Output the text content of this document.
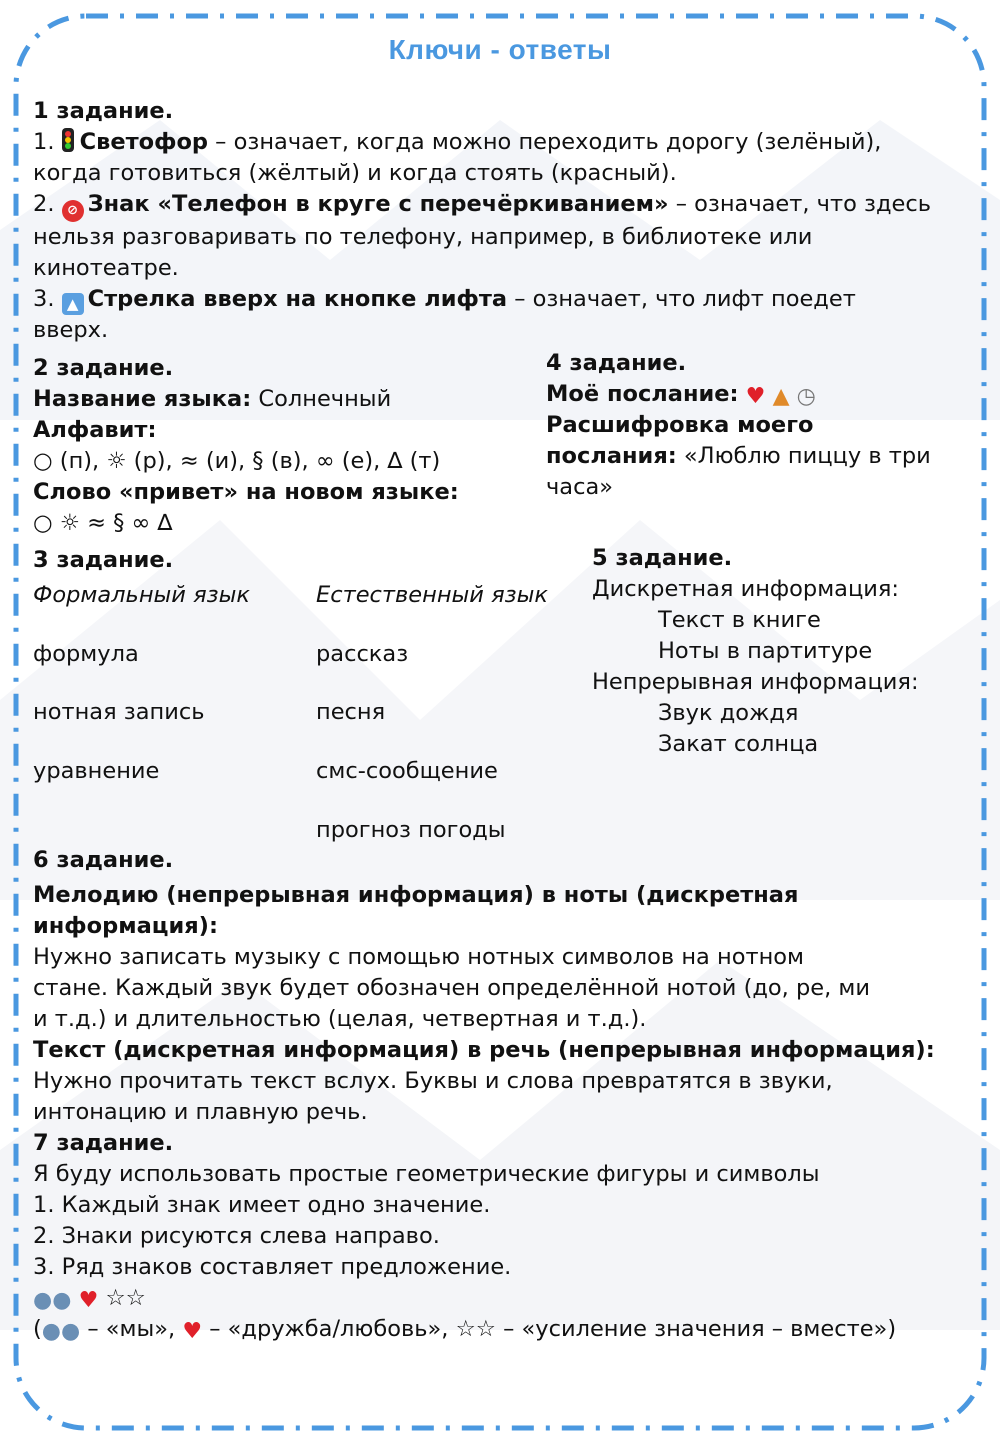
Ключи - ответы
1 задание.
1. Светофор – означает, когда можно переходить дорогу (зелёный),
когда готовиться (жёлтый) и когда стоять (красный).
2. ⊘ Знак «Телефон в круге с перечёркиванием» – означает, что здесь
нельзя разговаривать по телефону, например, в библиотеке или
кинотеатре.
3. ▲ Стрелка вверх на кнопке лифта – означает, что лифт поедет
вверх.
2 задание.
Название языка: Солнечный
Алфавит:
○ (п), ☼ (р), ≈ (и), § (в), ∞ (е), ∆ (т)
Слово «привет» на новом языке:
○ ☼ ≈ § ∞ ∆
4 задание.
Моё послание: ♥ ▲ ◷
Расшифровка моего
послания: «Люблю пиццу в три
часа»
3 задание.
Формальный язык	Естественный язык
формула
нотная запись
уравнение
рассказ
песня
смс-сообщение
прогноз погоды
5 задание.
Дискретная информация:
Текст в книге
Ноты в партитуре
Непрерывная информация:
Звук дождя
Закат солнца
6 задание.
Мелодию (непрерывная информация) в ноты (дискретная
информация):
Нужно записать музыку с помощью нотных символов на нотном
стане. Каждый звук будет обозначен определённой нотой (до, ре, ми
и т.д.) и длительностью (целая, четвертная и т.д.).
Текст (дискретная информация) в речь (непрерывная информация):
Нужно прочитать текст вслух. Буквы и слова превратятся в звуки,
интонацию и плавную речь.
7 задание.
Я буду использовать простые геометрические фигуры и символы
1. Каждый знак имеет одно значение.
2. Знаки рисуются слева направо.
3. Ряд знаков составляет предложение.
●● ♥ ☆☆
(●● – «мы», ♥ – «дружба/любовь», ☆☆ – «усиление значения – вместе»)
